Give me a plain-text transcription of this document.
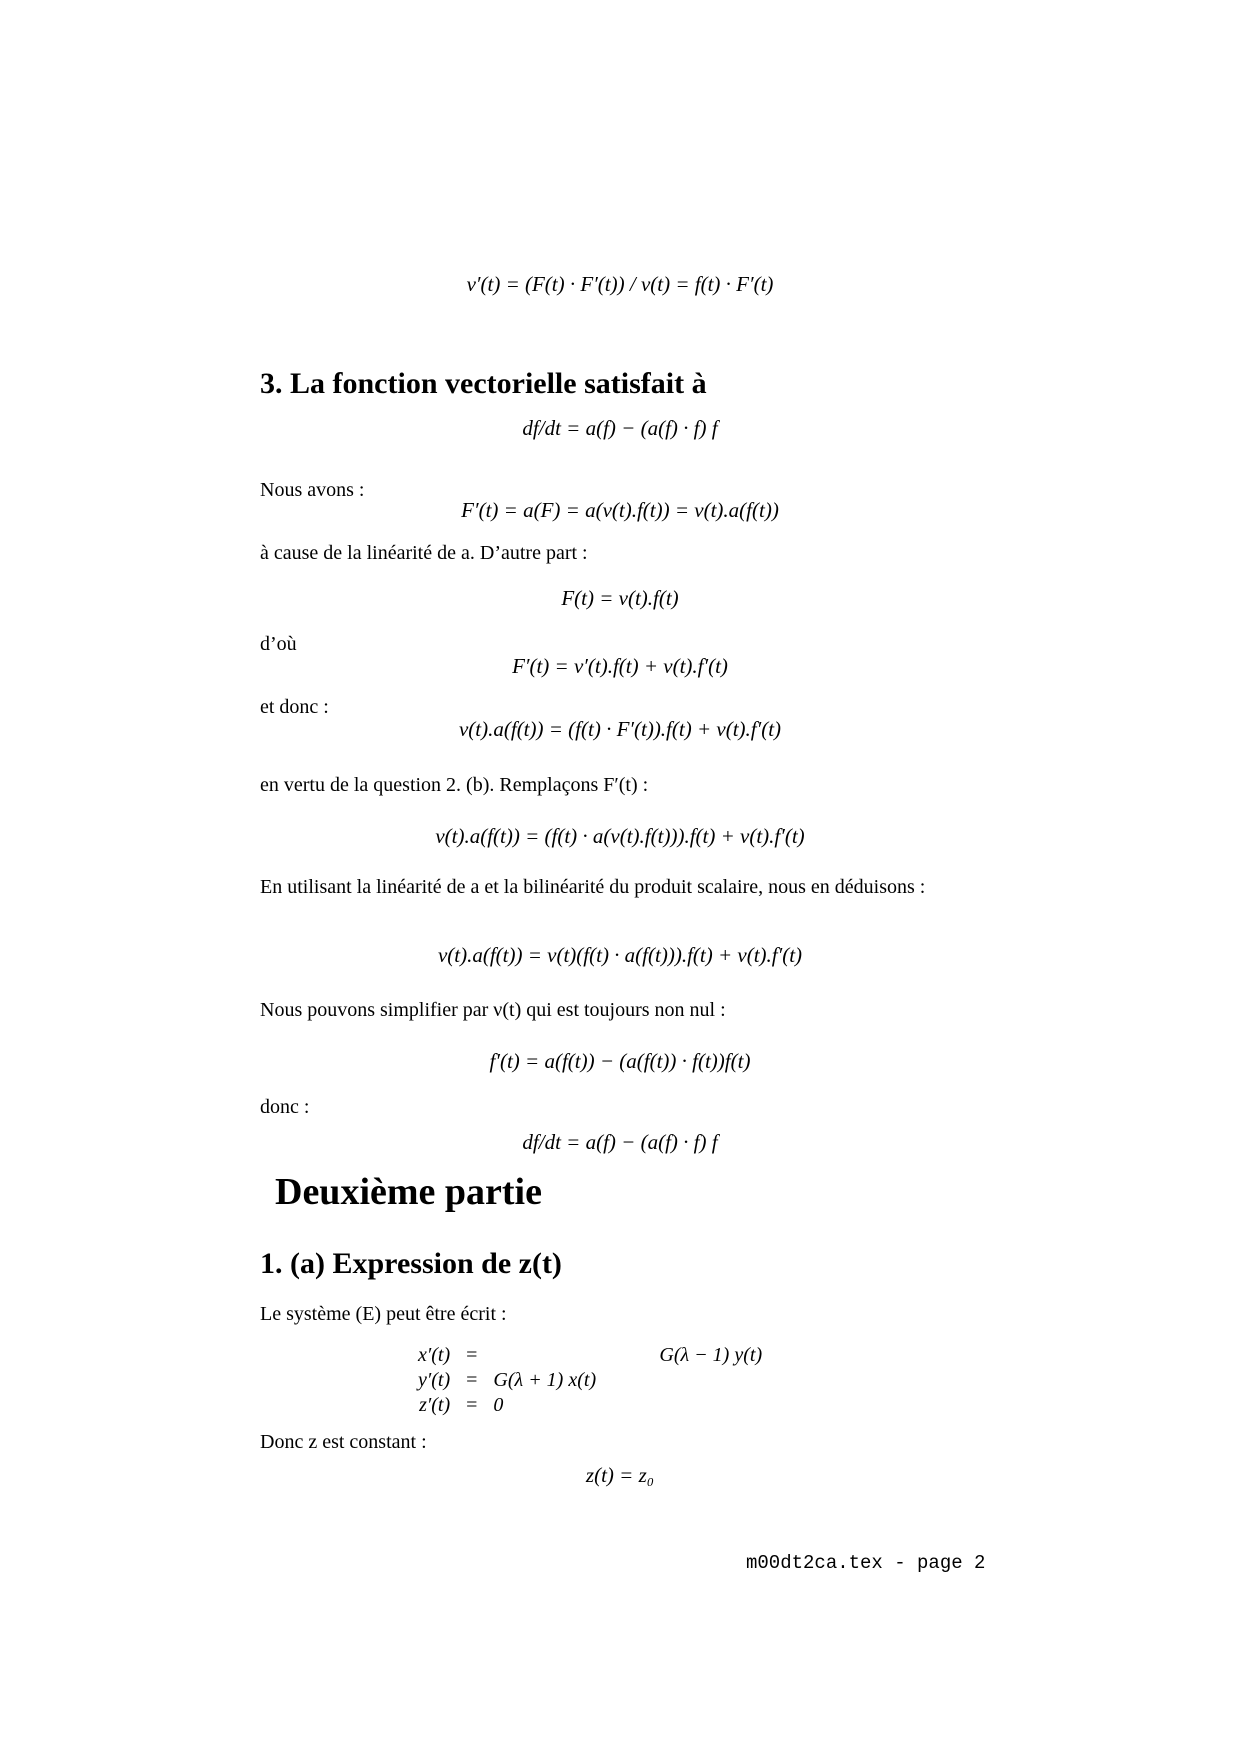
ν′(t) = (F(t) · F′(t)) / ν(t) = f(t) · F′(t)
3. La fonction vectorielle satisfait à
df/dt = a(f) − (a(f) · f) f
Nous avons :
F′(t) = a(F) = a(ν(t).f(t)) = ν(t).a(f(t))
à cause de la linéarité de a. D’autre part :
F(t) = ν(t).f(t)
d’où
F′(t) = ν′(t).f(t) + ν(t).f′(t)
et donc :
ν(t).a(f(t)) = (f(t) · F′(t)).f(t) + ν(t).f′(t)
en vertu de la question 2. (b). Remplaçons F′(t) :
ν(t).a(f(t)) = (f(t) · a(ν(t).f(t))).f(t) + ν(t).f′(t)
En utilisant la linéarité de a et la bilinéarité du produit scalaire, nous en déduisons :
ν(t).a(f(t)) = ν(t)(f(t) · a(f(t))).f(t) + ν(t).f′(t)
Nous pouvons simplifier par ν(t) qui est toujours non nul :
f′(t) = a(f(t)) − (a(f(t)) · f(t))f(t)
donc :
df/dt = a(f) − (a(f) · f) f
Deuxième partie
1. (a) Expression de z(t)
Le système (E) peut être écrit :
x′(t)	=		G(λ − 1) y(t)
y′(t)	=	G(λ + 1) x(t)	
z′(t)	=	0	
Donc z est constant :
z(t) = z₀
m00dt2ca.tex - page 2
